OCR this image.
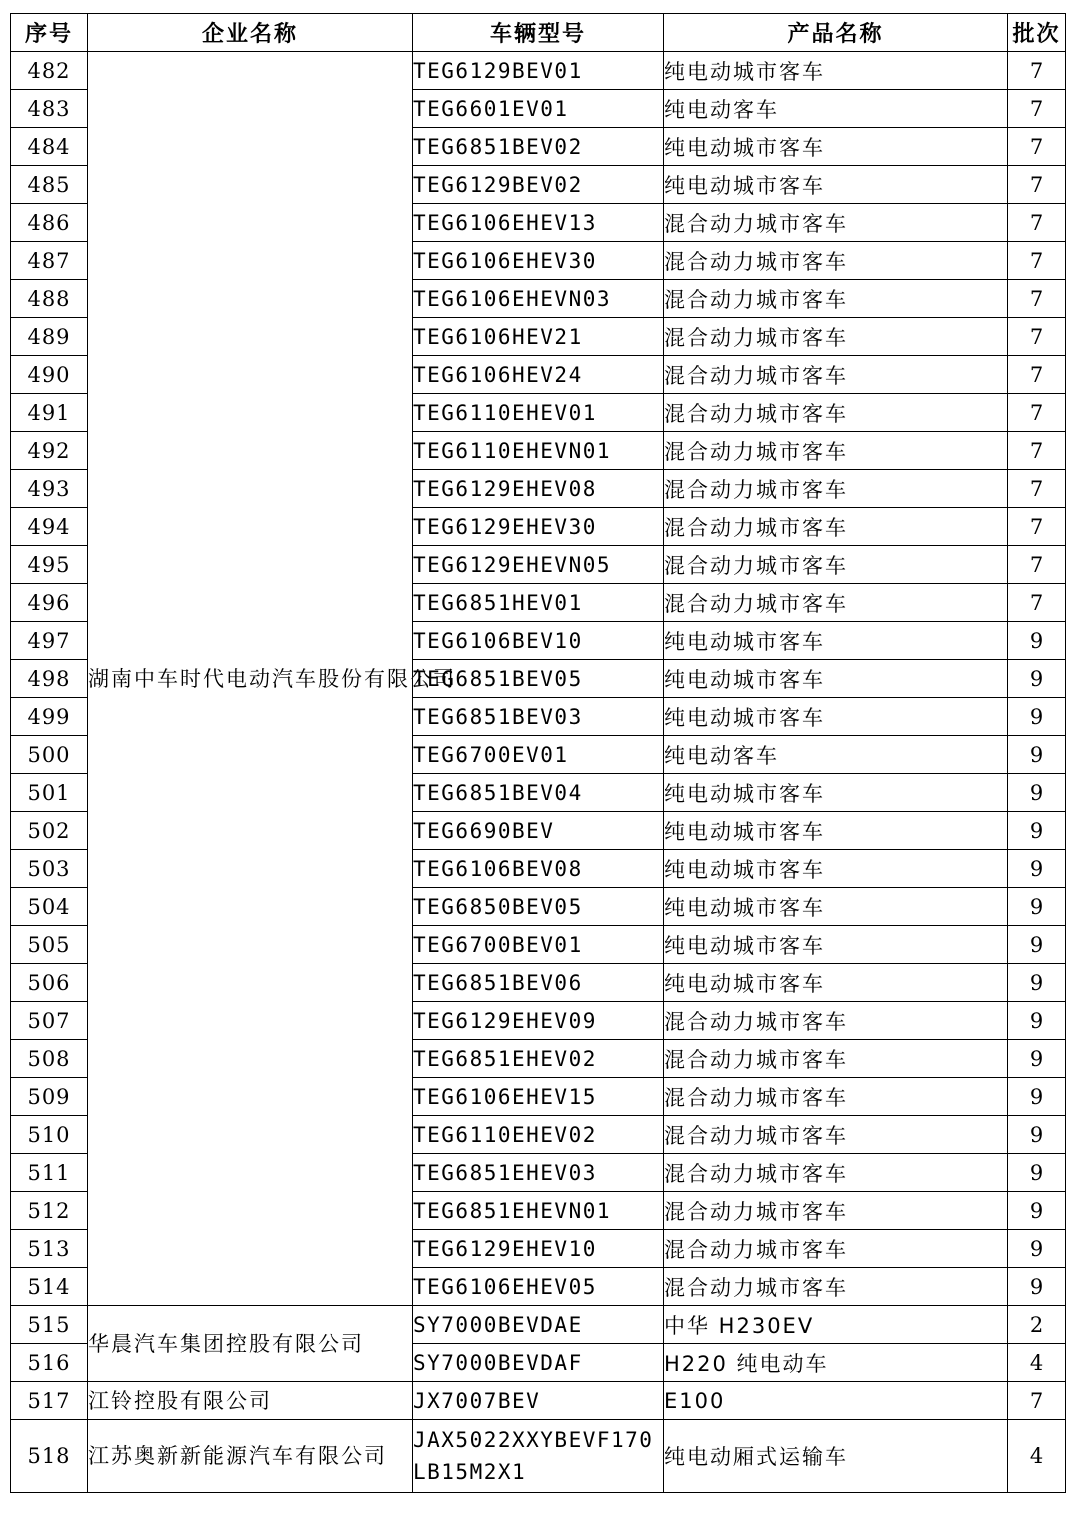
序号	企业名称	车辆型号	产品名称	批次
482	湖南中车时代电动汽车股份有限公司	TEG6129BEV01	纯电动城市客车	7
483		TEG6601EV01	纯电动客车	7
484		TEG6851BEV02	纯电动城市客车	7
485		TEG6129BEV02	纯电动城市客车	7
486		TEG6106EHEV13	混合动力城市客车	7
487		TEG6106EHEV30	混合动力城市客车	7
488		TEG6106EHEVN03	混合动力城市客车	7
489		TEG6106HEV21	混合动力城市客车	7
490		TEG6106HEV24	混合动力城市客车	7
491		TEG6110EHEV01	混合动力城市客车	7
492		TEG6110EHEVN01	混合动力城市客车	7
493		TEG6129EHEV08	混合动力城市客车	7
494		TEG6129EHEV30	混合动力城市客车	7
495		TEG6129EHEVN05	混合动力城市客车	7
496		TEG6851HEV01	混合动力城市客车	7
497		TEG6106BEV10	纯电动城市客车	9
498		TEG6851BEV05	纯电动城市客车	9
499		TEG6851BEV03	纯电动城市客车	9
500		TEG6700EV01	纯电动客车	9
501		TEG6851BEV04	纯电动城市客车	9
502		TEG6690BEV	纯电动城市客车	9
503		TEG6106BEV08	纯电动城市客车	9
504		TEG6850BEV05	纯电动城市客车	9
505		TEG6700BEV01	纯电动城市客车	9
506		TEG6851BEV06	纯电动城市客车	9
507		TEG6129EHEV09	混合动力城市客车	9
508		TEG6851EHEV02	混合动力城市客车	9
509		TEG6106EHEV15	混合动力城市客车	9
510		TEG6110EHEV02	混合动力城市客车	9
511		TEG6851EHEV03	混合动力城市客车	9
512		TEG6851EHEVN01	混合动力城市客车	9
513		TEG6129EHEV10	混合动力城市客车	9
514		TEG6106EHEV05	混合动力城市客车	9
515	华晨汽车集团控股有限公司	SY7000BEVDAE	中华 H230EV	2
516		SY7000BEVDAF	H220 纯电动车	4
517	江铃控股有限公司	JX7007BEV	E100	7
518	江苏奥新新能源汽车有限公司	JAX5022XXYBEVF170LB15M2X1	纯电动厢式运输车	4
